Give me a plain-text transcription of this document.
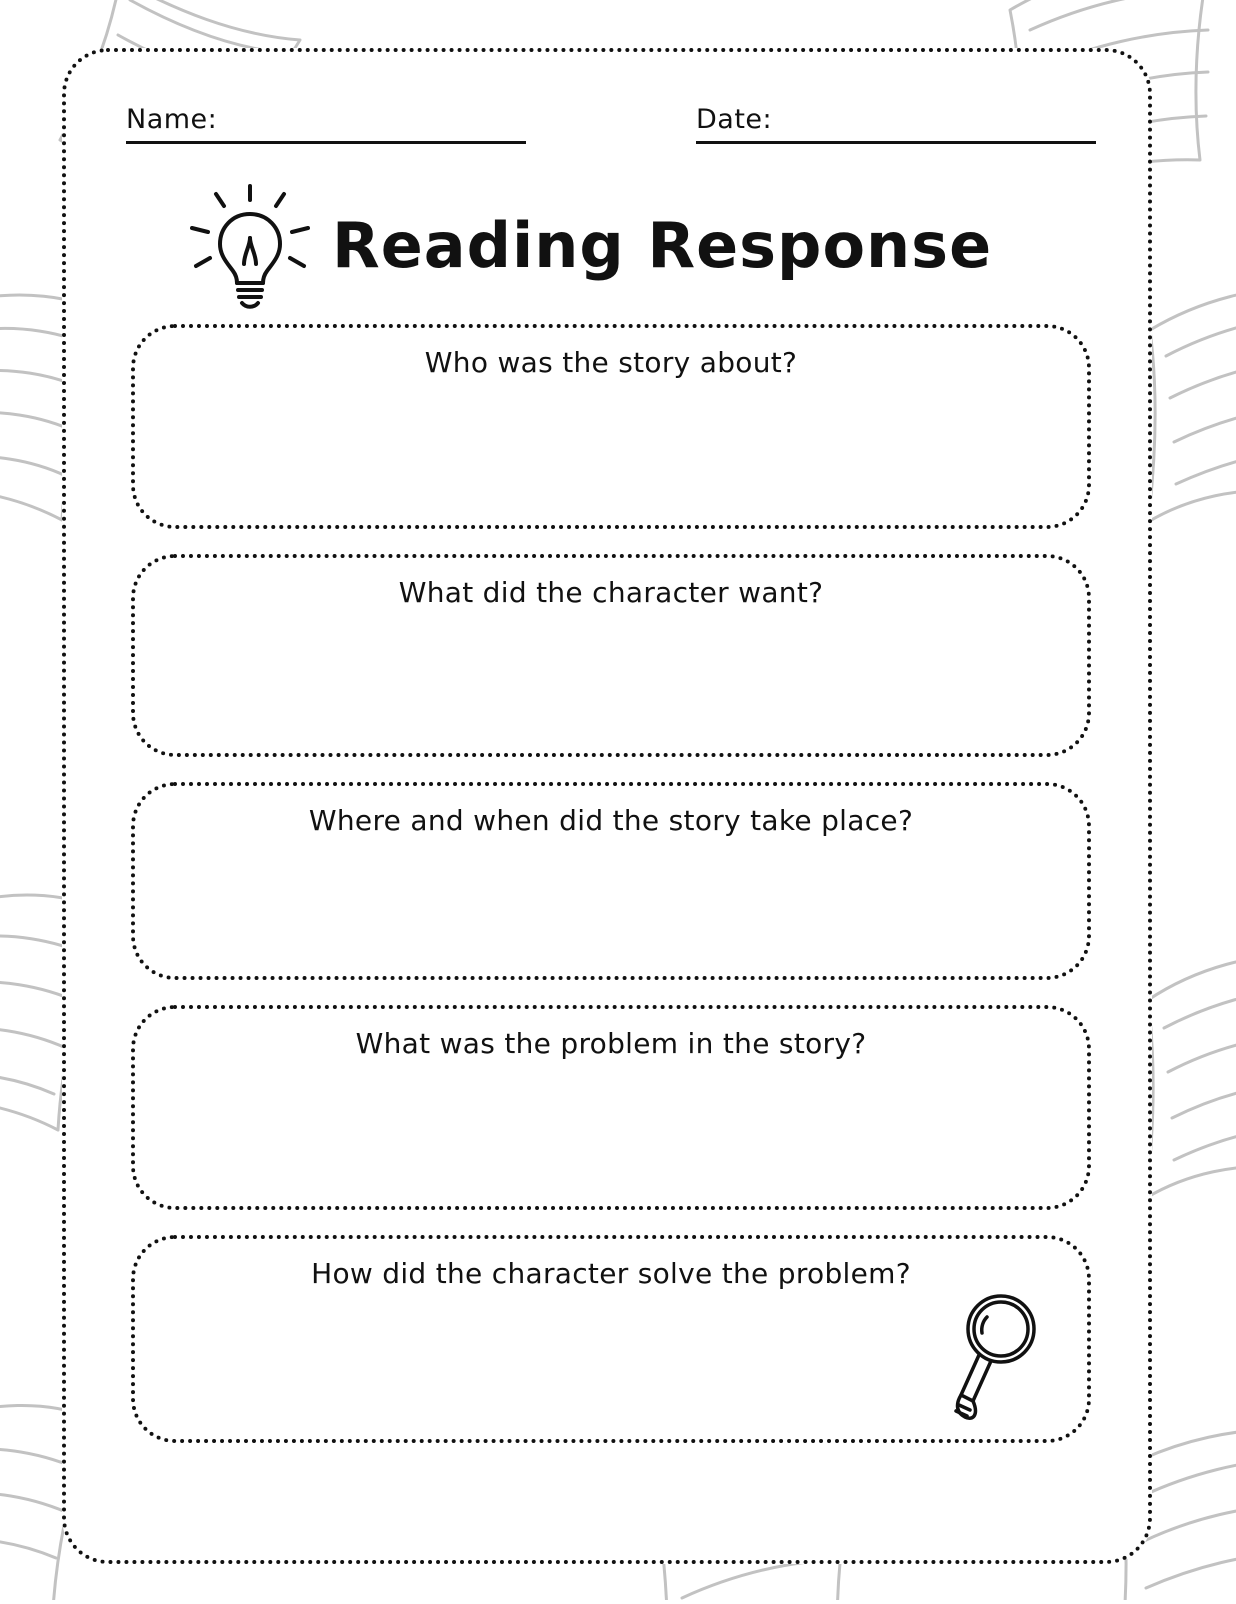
Name:	Date:
Reading Response
Who was the story about?
What did the character want?
Where and when did the story take place?
What was the problem in the story?
How did the character solve the problem?
